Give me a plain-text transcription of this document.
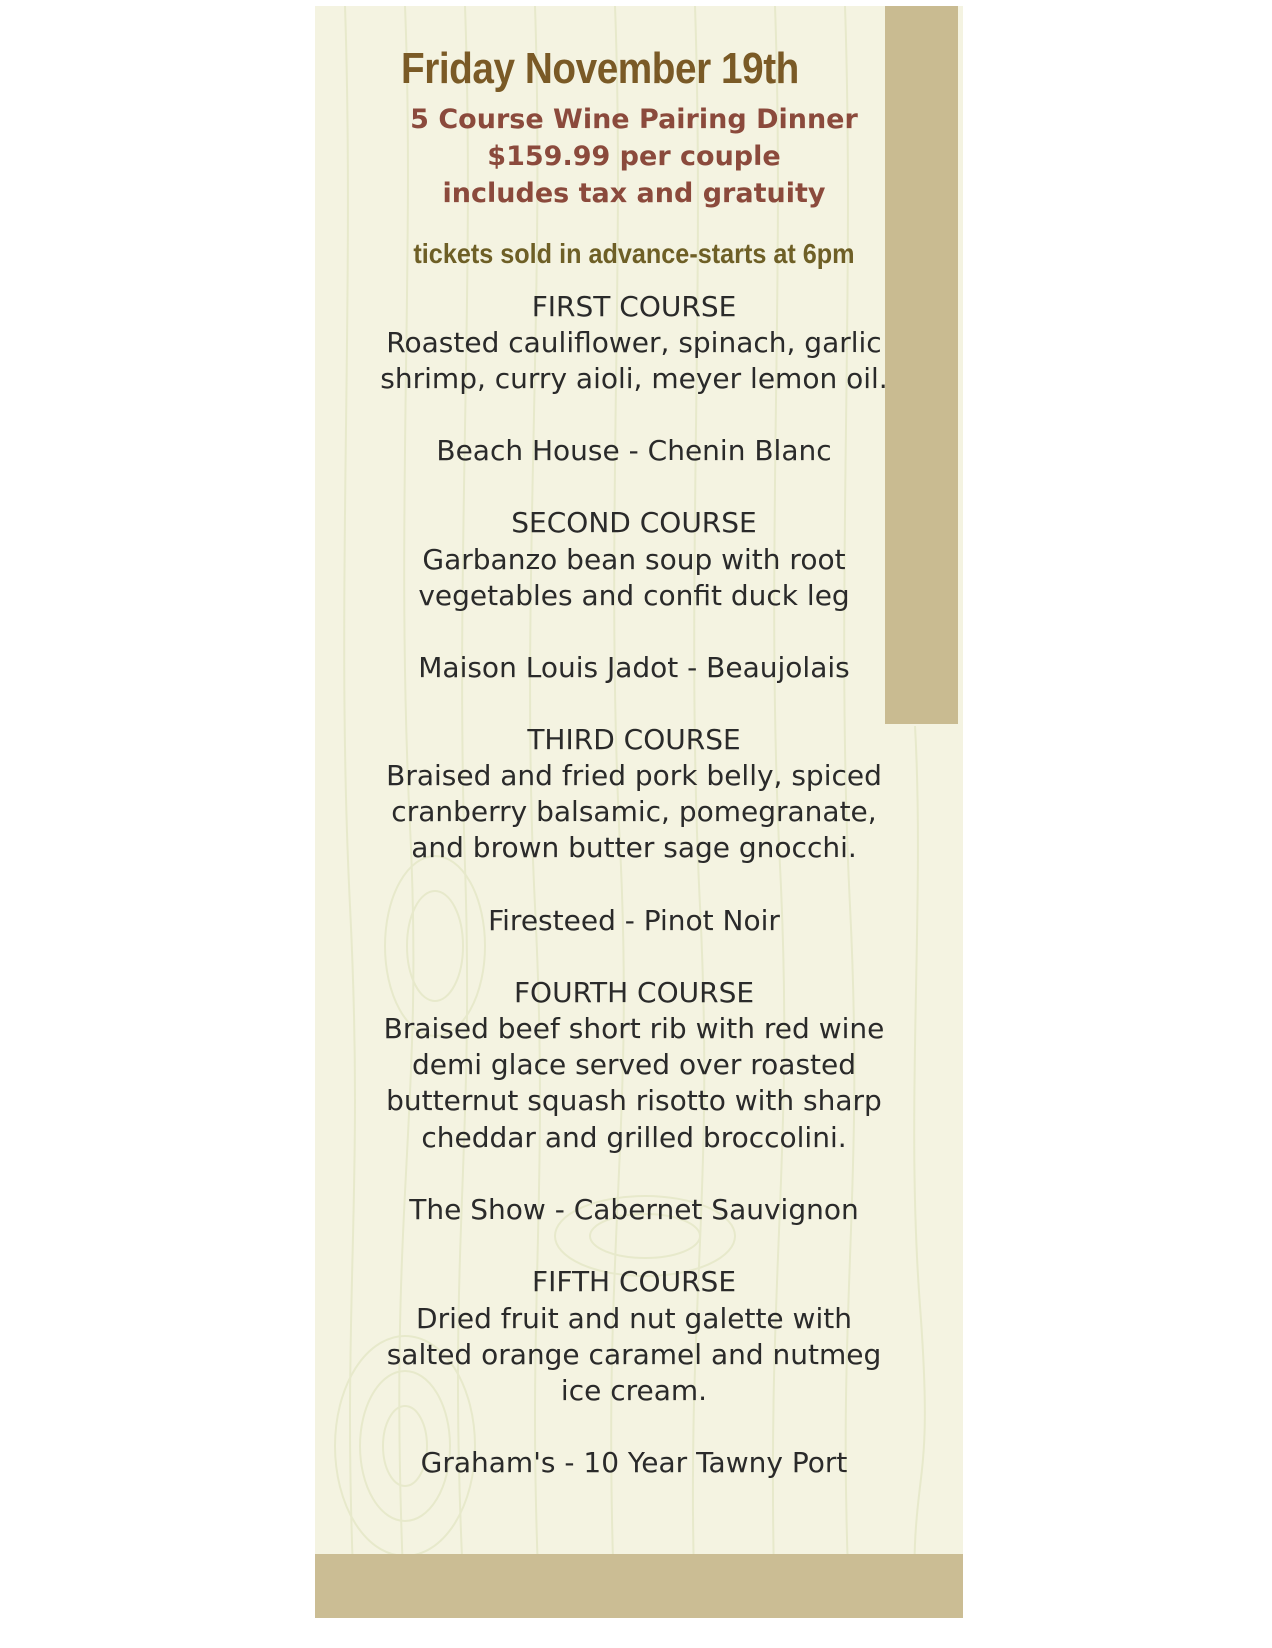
Friday November 19th
5 Course Wine Pairing Dinner
$159.99 per couple
includes tax and gratuity
tickets sold in advance-starts at 6pm
FIRST COURSE
Roasted cauliflower, spinach, garlic
shrimp, curry aioli, meyer lemon oil.
Beach House - Chenin Blanc
SECOND COURSE
Garbanzo bean soup with root
vegetables and confit duck leg
Maison Louis Jadot - Beaujolais
THIRD COURSE
Braised and fried pork belly, spiced
cranberry balsamic, pomegranate,
and brown butter sage gnocchi.
Firesteed - Pinot Noir
FOURTH COURSE
Braised beef short rib with red wine
demi glace served over roasted
butternut squash risotto with sharp
cheddar and grilled broccolini.
The Show - Cabernet Sauvignon
FIFTH COURSE
Dried fruit and nut galette with
salted orange caramel and nutmeg
ice cream.
Graham's - 10 Year Tawny Port
